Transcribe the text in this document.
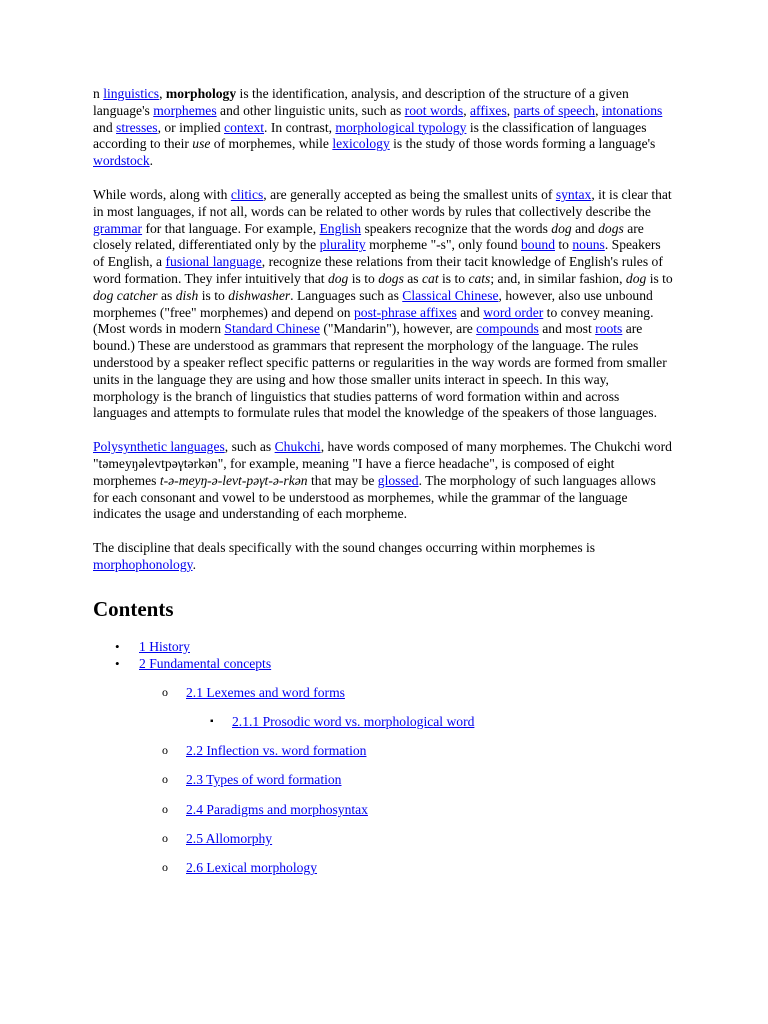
n linguistics, morphology is the identification, analysis, and description of the structure of a given language's morphemes and other linguistic units, such as root words, affixes, parts of speech, intonations and stresses, or implied context. In contrast, morphological typology is the classification of languages according to their use of morphemes, while lexicology is the study of those words forming a language's wordstock.

While words, along with clitics, are generally accepted as being the smallest units of syntax, it is clear that in most languages, if not all, words can be related to other words by rules that collectively describe the grammar for that language. For example, English speakers recognize that the words dog and dogs are closely related, differentiated only by the plurality morpheme "-s", only found bound to nouns. Speakers of English, a fusional language, recognize these relations from their tacit knowledge of English's rules of word formation. They infer intuitively that dog is to dogs as cat is to cats; and, in similar fashion, dog is to dog catcher as dish is to dishwasher. Languages such as Classical Chinese, however, also use unbound morphemes ("free" morphemes) and depend on post-phrase affixes and word order to convey meaning. (Most words in modern Standard Chinese ("Mandarin"), however, are compounds and most roots are bound.) These are understood as grammars that represent the morphology of the language. The rules understood by a speaker reflect specific patterns or regularities in the way words are formed from smaller units in the language they are using and how those smaller units interact in speech. In this way, morphology is the branch of linguistics that studies patterns of word formation within and across languages and attempts to formulate rules that model the knowledge of the speakers of those languages.

Polysynthetic languages, such as Chukchi, have words composed of many morphemes. The Chukchi word "təmeyŋəlevtpəγtərkən", for example, meaning "I have a fierce headache", is composed of eight morphemes t-ə-meyŋ-ə-levt-pəγt-ə-rkən that may be glossed. The morphology of such languages allows for each consonant and vowel to be understood as morphemes, while the grammar of the language indicates the usage and understanding of each morpheme.

The discipline that deals specifically with the sound changes occurring within morphemes is morphophonology.

Contents
• 1 History
• 2 Fundamental concepts
o 2.1 Lexemes and word forms
▪ 2.1.1 Prosodic word vs. morphological word
o 2.2 Inflection vs. word formation
o 2.3 Types of word formation
o 2.4 Paradigms and morphosyntax
o 2.5 Allomorphy
o 2.6 Lexical morphology
